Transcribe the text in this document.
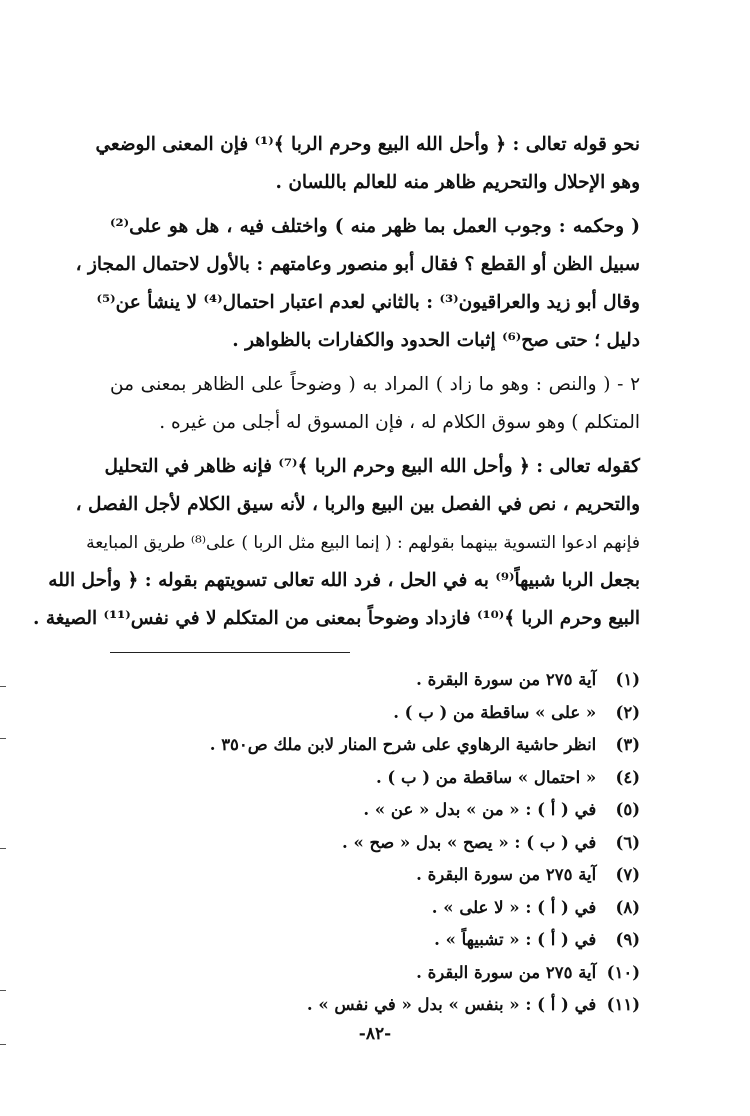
نحو قوله تعالى : ﴿ وأحل الله البيع وحرم الربا ﴾⁽¹⁾ فإن المعنى الوضعي
وهو الإحلال والتحريم ظاهر منه للعالم باللسان .
( وحكمه : وجوب العمل بما ظهر منه ) واختلف فيه ، هل هو على⁽²⁾
سبيل الظن أو القطع ؟ فقال أبو منصور وعامتهم : بالأول لاحتمال المجاز ،
وقال أبو زيد والعراقيون⁽³⁾ : بالثاني لعدم اعتبار احتمال⁽⁴⁾ لا ينشأ عن⁽⁵⁾
دليل ؛ حتى صح⁽⁶⁾ إثبات الحدود والكفارات بالظواهر .
٢ - ( والنص : وهو ما زاد ) المراد به ( وضوحاً على الظاهر بمعنى من
المتكلم ) وهو سوق الكلام له ، فإن المسوق له أجلى من غيره .
كقوله تعالى : ﴿ وأحل الله البيع وحرم الربا ﴾⁽⁷⁾ فإنه ظاهر في التحليل
والتحريم ، نص في الفصل بين البيع والربا ، لأنه سيق الكلام لأجل الفصل ،
فإنهم ادعوا التسوية بينهما بقولهم : ( إنما البيع مثل الربا ) على⁽⁸⁾ طريق المبايعة
بجعل الربا شبيهاً⁽⁹⁾ به في الحل ، فرد الله تعالى تسويتهم بقوله : ﴿ وأحل الله
البيع وحرم الربا ﴾⁽¹⁰⁾ فازداد وضوحاً بمعنى من المتكلم لا في نفس⁽¹¹⁾ الصيغة .
(١) آية ٢٧٥ من سورة البقرة .
(٢) « على » ساقطة من ( ب ) .
(٣) انظر حاشية الرهاوي على شرح المنار لابن ملك ص٣٥٠ .
(٤) « احتمال » ساقطة من ( ب ) .
(٥) في ( أ ) : « من » بدل « عن » .
(٦) في ( ب ) : « يصح » بدل « صح » .
(٧) آية ٢٧٥ من سورة البقرة .
(٨) في ( أ ) : « لا على » .
(٩) في ( أ ) : « تشبيهاً » .
(١٠) آية ٢٧٥ من سورة البقرة .
(١١) في ( أ ) : « بنفس » بدل « في نفس » .
-٨٢-
